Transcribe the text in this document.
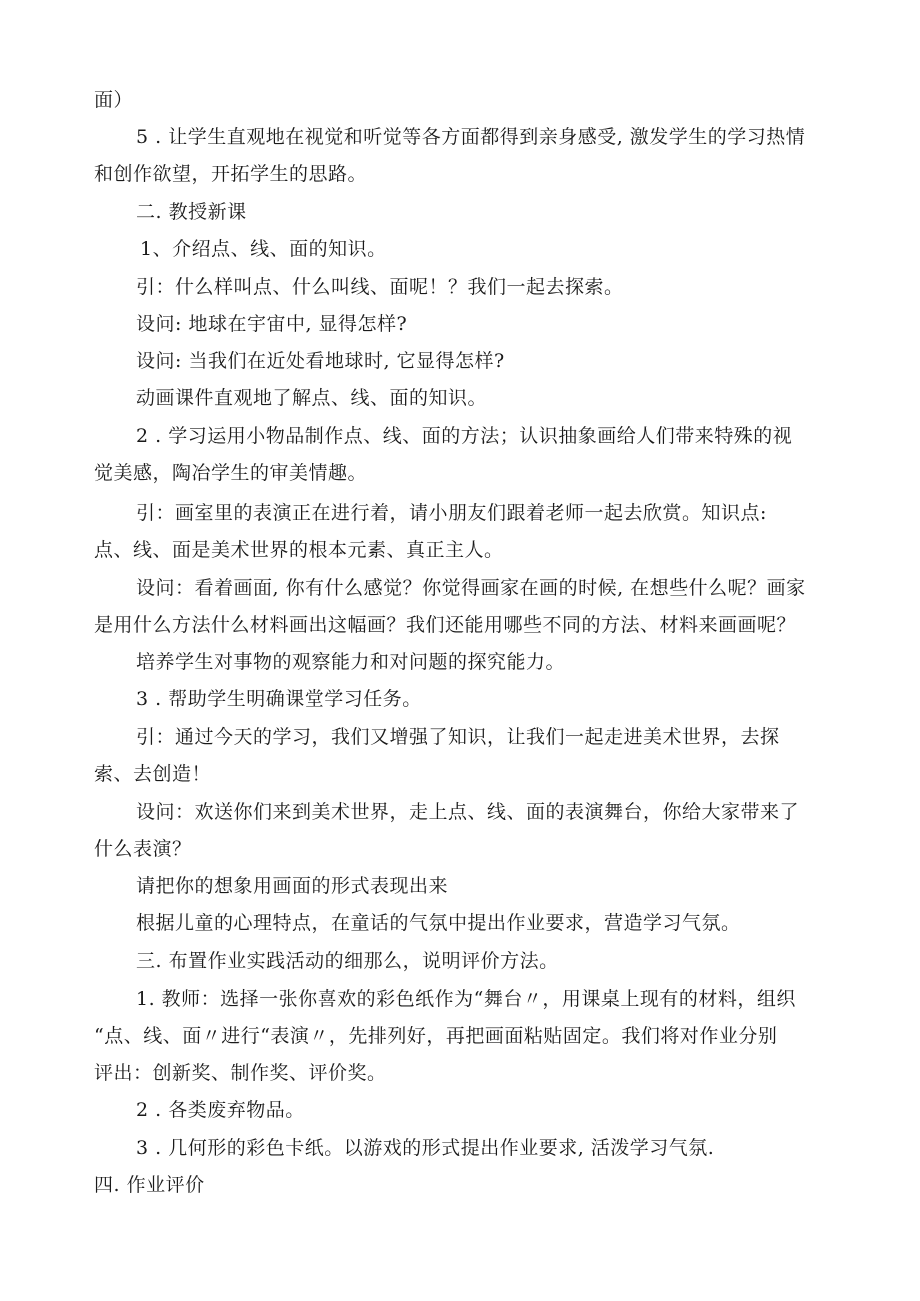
面）
5 . 让学生直观地在视觉和听觉等各方面都得到亲身感受, 激发学生的学习热情
和创作欲望，开拓学生的思路。
二. 教授新课
1、介绍点、线、面的知识。
引：什么样叫点、什么叫线、面呢！？我们一起去探索。
设问: 地球在宇宙中, 显得怎样?
设问: 当我们在近处看地球时, 它显得怎样?
动画课件直观地了解点、线、面的知识。
2 . 学习运用小物品制作点、线、面的方法；认识抽象画给人们带来特殊的视
觉美感，陶冶学生的审美情趣。
引：画室里的表演正在进行着，请小朋友们跟着老师一起去欣赏。知识点:
点、线、面是美术世界的根本元素、真正主人。
设问：看着画面, 你有什么感觉？你觉得画家在画的时候, 在想些什么呢？画家
是用什么方法什么材料画出这幅画？我们还能用哪些不同的方法、材料来画画呢？
培养学生对事物的观察能力和对问题的探究能力。
3 . 帮助学生明确课堂学习任务。
引：通过今天的学习，我们又增强了知识，让我们一起走进美术世界，去探
索、去创造！
设问：欢送你们来到美术世界，走上点、线、面的表演舞台，你给大家带来了
什么表演？
请把你的想象用画面的形式表现出来
根据儿童的心理特点，在童话的气氛中提出作业要求，营造学习气氛。
三. 布置作业实践活动的细那么，说明评价方法。
1. 教师：选择一张你喜欢的彩色纸作为“舞台〃，用课桌上现有的材料，组织
“点、线、面〃进行“表演〃，先排列好，再把画面粘贴固定。我们将对作业分别
评出：创新奖、制作奖、评价奖。
2 . 各类废弃物品。
3 . 几何形的彩色卡纸。以游戏的形式提出作业要求, 活泼学习气氛.
四. 作业评价
